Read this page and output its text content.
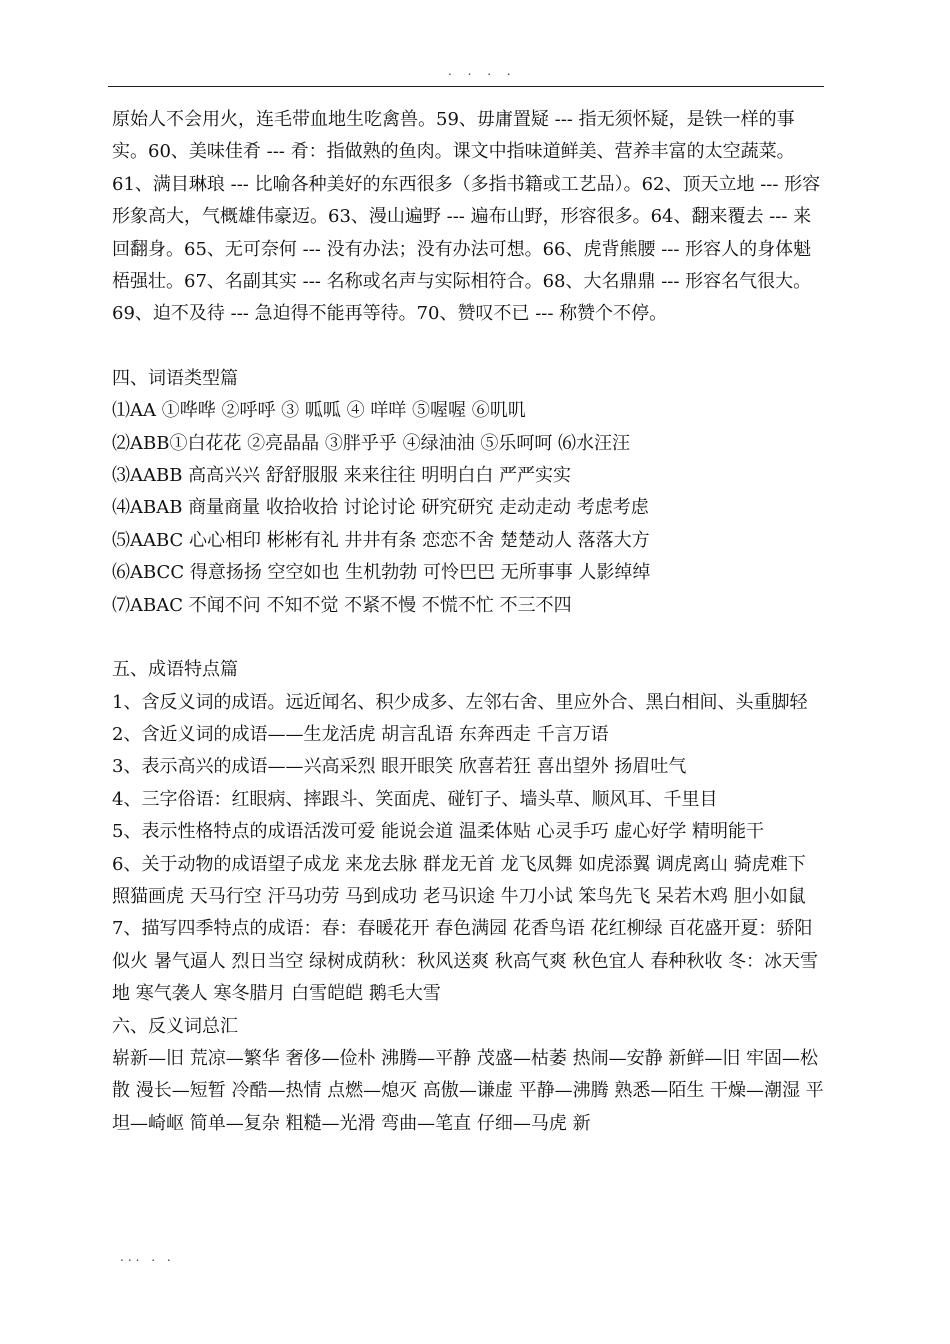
. . . .

原始人不会用火，连毛带血地生吃禽兽。59、毋庸置疑 --- 指无须怀疑，是铁一样的事实。60、美味佳肴 --- 肴：指做熟的鱼肉。课文中指味道鲜美、营养丰富的太空蔬菜。61、满目琳琅 --- 比喻各种美好的东西很多（多指书籍或工艺品）。62、顶天立地 --- 形容形象高大，气概雄伟豪迈。63、漫山遍野 --- 遍布山野，形容很多。64、翻来覆去 --- 来回翻身。65、无可奈何 --- 没有办法；没有办法可想。66、虎背熊腰 --- 形容人的身体魁梧强壮。67、名副其实 --- 名称或名声与实际相符合。68、大名鼎鼎 --- 形容名气很大。69、迫不及待 --- 急迫得不能再等待。70、赞叹不已 --- 称赞个不停。

四、词语类型篇

⑴AA ①哗哗 ②呼呼 ③ 呱呱 ④ 咩咩 ⑤喔喔 ⑥叽叽

⑵ABB①白花花 ②亮晶晶 ③胖乎乎 ④绿油油 ⑤乐呵呵 ⑹水汪汪

⑶AABB 高高兴兴 舒舒服服 来来往往 明明白白 严严实实

⑷ABAB 商量商量 收拾收拾 讨论讨论 研究研究 走动走动 考虑考虑

⑸AABC 心心相印 彬彬有礼 井井有条 恋恋不舍 楚楚动人 落落大方

⑹ABCC 得意扬扬 空空如也 生机勃勃 可怜巴巴 无所事事 人影绰绰

⑺ABAC 不闻不问 不知不觉 不紧不慢 不慌不忙 不三不四

五、成语特点篇

1、含反义词的成语。远近闻名、积少成多、左邻右舍、里应外合、黑白相间、头重脚轻

2、含近义词的成语——生龙活虎 胡言乱语 东奔西走 千言万语

3、表示高兴的成语——兴高采烈 眼开眼笑 欣喜若狂 喜出望外 扬眉吐气

4、三字俗语：红眼病、摔跟斗、笑面虎、碰钉子、墙头草、顺风耳、千里目

5、表示性格特点的成语活泼可爱 能说会道 温柔体贴 心灵手巧 虚心好学 精明能干

6、关于动物的成语望子成龙 来龙去脉 群龙无首 龙飞凤舞 如虎添翼 调虎离山 骑虎难下 照猫画虎 天马行空 汗马功劳 马到成功 老马识途 牛刀小试 笨鸟先飞 呆若木鸡 胆小如鼠

7、描写四季特点的成语：春：春暖花开 春色满园 花香鸟语 花红柳绿 百花盛开夏：骄阳似火 暑气逼人 烈日当空 绿树成荫秋：秋风送爽 秋高气爽 秋色宜人 春种秋收 冬：冰天雪地 寒气袭人 寒冬腊月 白雪皑皑 鹅毛大雪

六、反义词总汇

崭新—旧 荒凉—繁华 奢侈—俭朴 沸腾—平静 茂盛—枯萎 热闹—安静 新鲜—旧 牢固—松散 漫长—短暂 冷酷—热情 点燃—熄灭 高傲—谦虚 平静—沸腾 熟悉—陌生 干燥—潮湿 平坦—崎岖 简单—复杂 粗糙—光滑 弯曲—笔直 仔细—马虎 新

... . .
